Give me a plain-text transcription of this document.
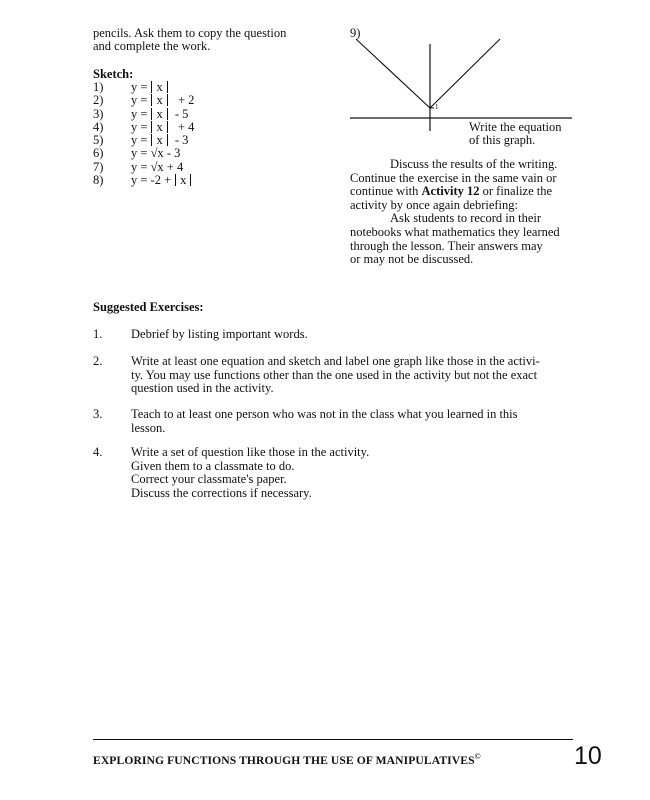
pencils. Ask them to copy the question
and complete the work.
Sketch:
1)	y = x
2)	y = x + 2
3)	y = x - 5
4)	y = x + 4
5)	y = x - 3
6)	y = √x - 3
7)	y = √x + 4
8)	y = -2 + x
9)
1
Write the equation
of this graph.
Discuss the results of the writing.
Continue the exercise in the same vain or
continue with Activity 12 or finalize the
activity by once again debriefing:
Ask students to record in their
notebooks what mathematics they learned
through the lesson. Their answers may
or may not be discussed.
Suggested Exercises:
1. Debrief by listing important words.
2. Write at least one equation and sketch and label one graph like those in the activi-
ty. You may use functions other than the one used in the activity but not the exact
question used in the activity.
3. Teach to at least one person who was not in the class what you learned in this
lesson.
4. Write a set of question like those in the activity.
Given them to a classmate to do.
Correct your classmate's paper.
Discuss the corrections if necessary.
EXPLORING FUNCTIONS THROUGH THE USE OF MANIPULATIVES©	10
